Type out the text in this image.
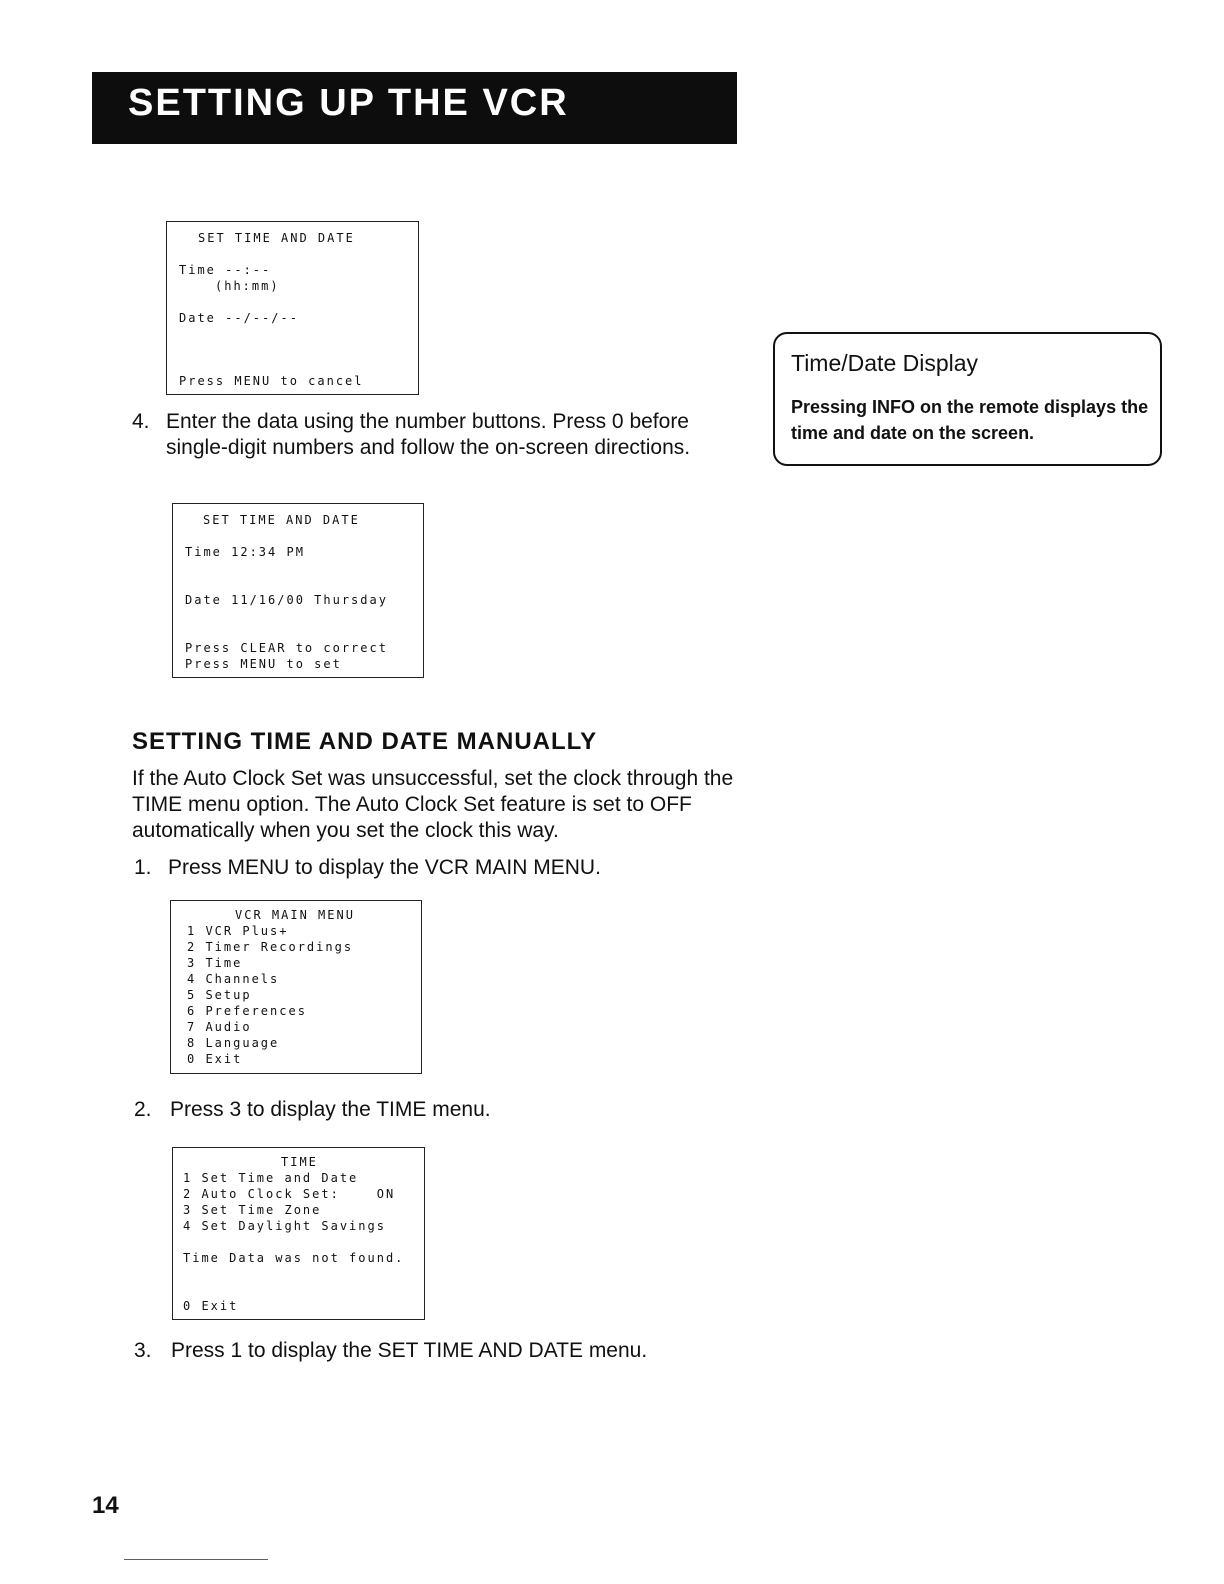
SETTING UP THE VCR
SET TIME AND DATE
Time --:--
(hh:mm)
Date --/--/--
Press MENU to cancel
4. Enter the data using the number buttons. Press 0 before single-digit numbers and follow the on-screen directions.
SET TIME AND DATE
Time 12:34 PM
Date 11/16/00 Thursday
Press CLEAR to correct
Press MENU to set
SETTING TIME AND DATE MANUALLY
If the Auto Clock Set was unsuccessful, set the clock through the TIME menu option. The Auto Clock Set feature is set to OFF automatically when you set the clock this way.
1. Press MENU to display the VCR MAIN MENU.
VCR MAIN MENU
1 VCR Plus+
2 Timer Recordings
3 Time
4 Channels
5 Setup
6 Preferences
7 Audio
8 Language
0 Exit
2. Press 3 to display the TIME menu.
TIME
1 Set Time and Date
2 Auto Clock Set:    ON
3 Set Time Zone
4 Set Daylight Savings
Time Data was not found.
0 Exit
3. Press 1 to display the SET TIME AND DATE menu.
Time/Date Display
Pressing INFO on the remote displays the time and date on the screen.
14
